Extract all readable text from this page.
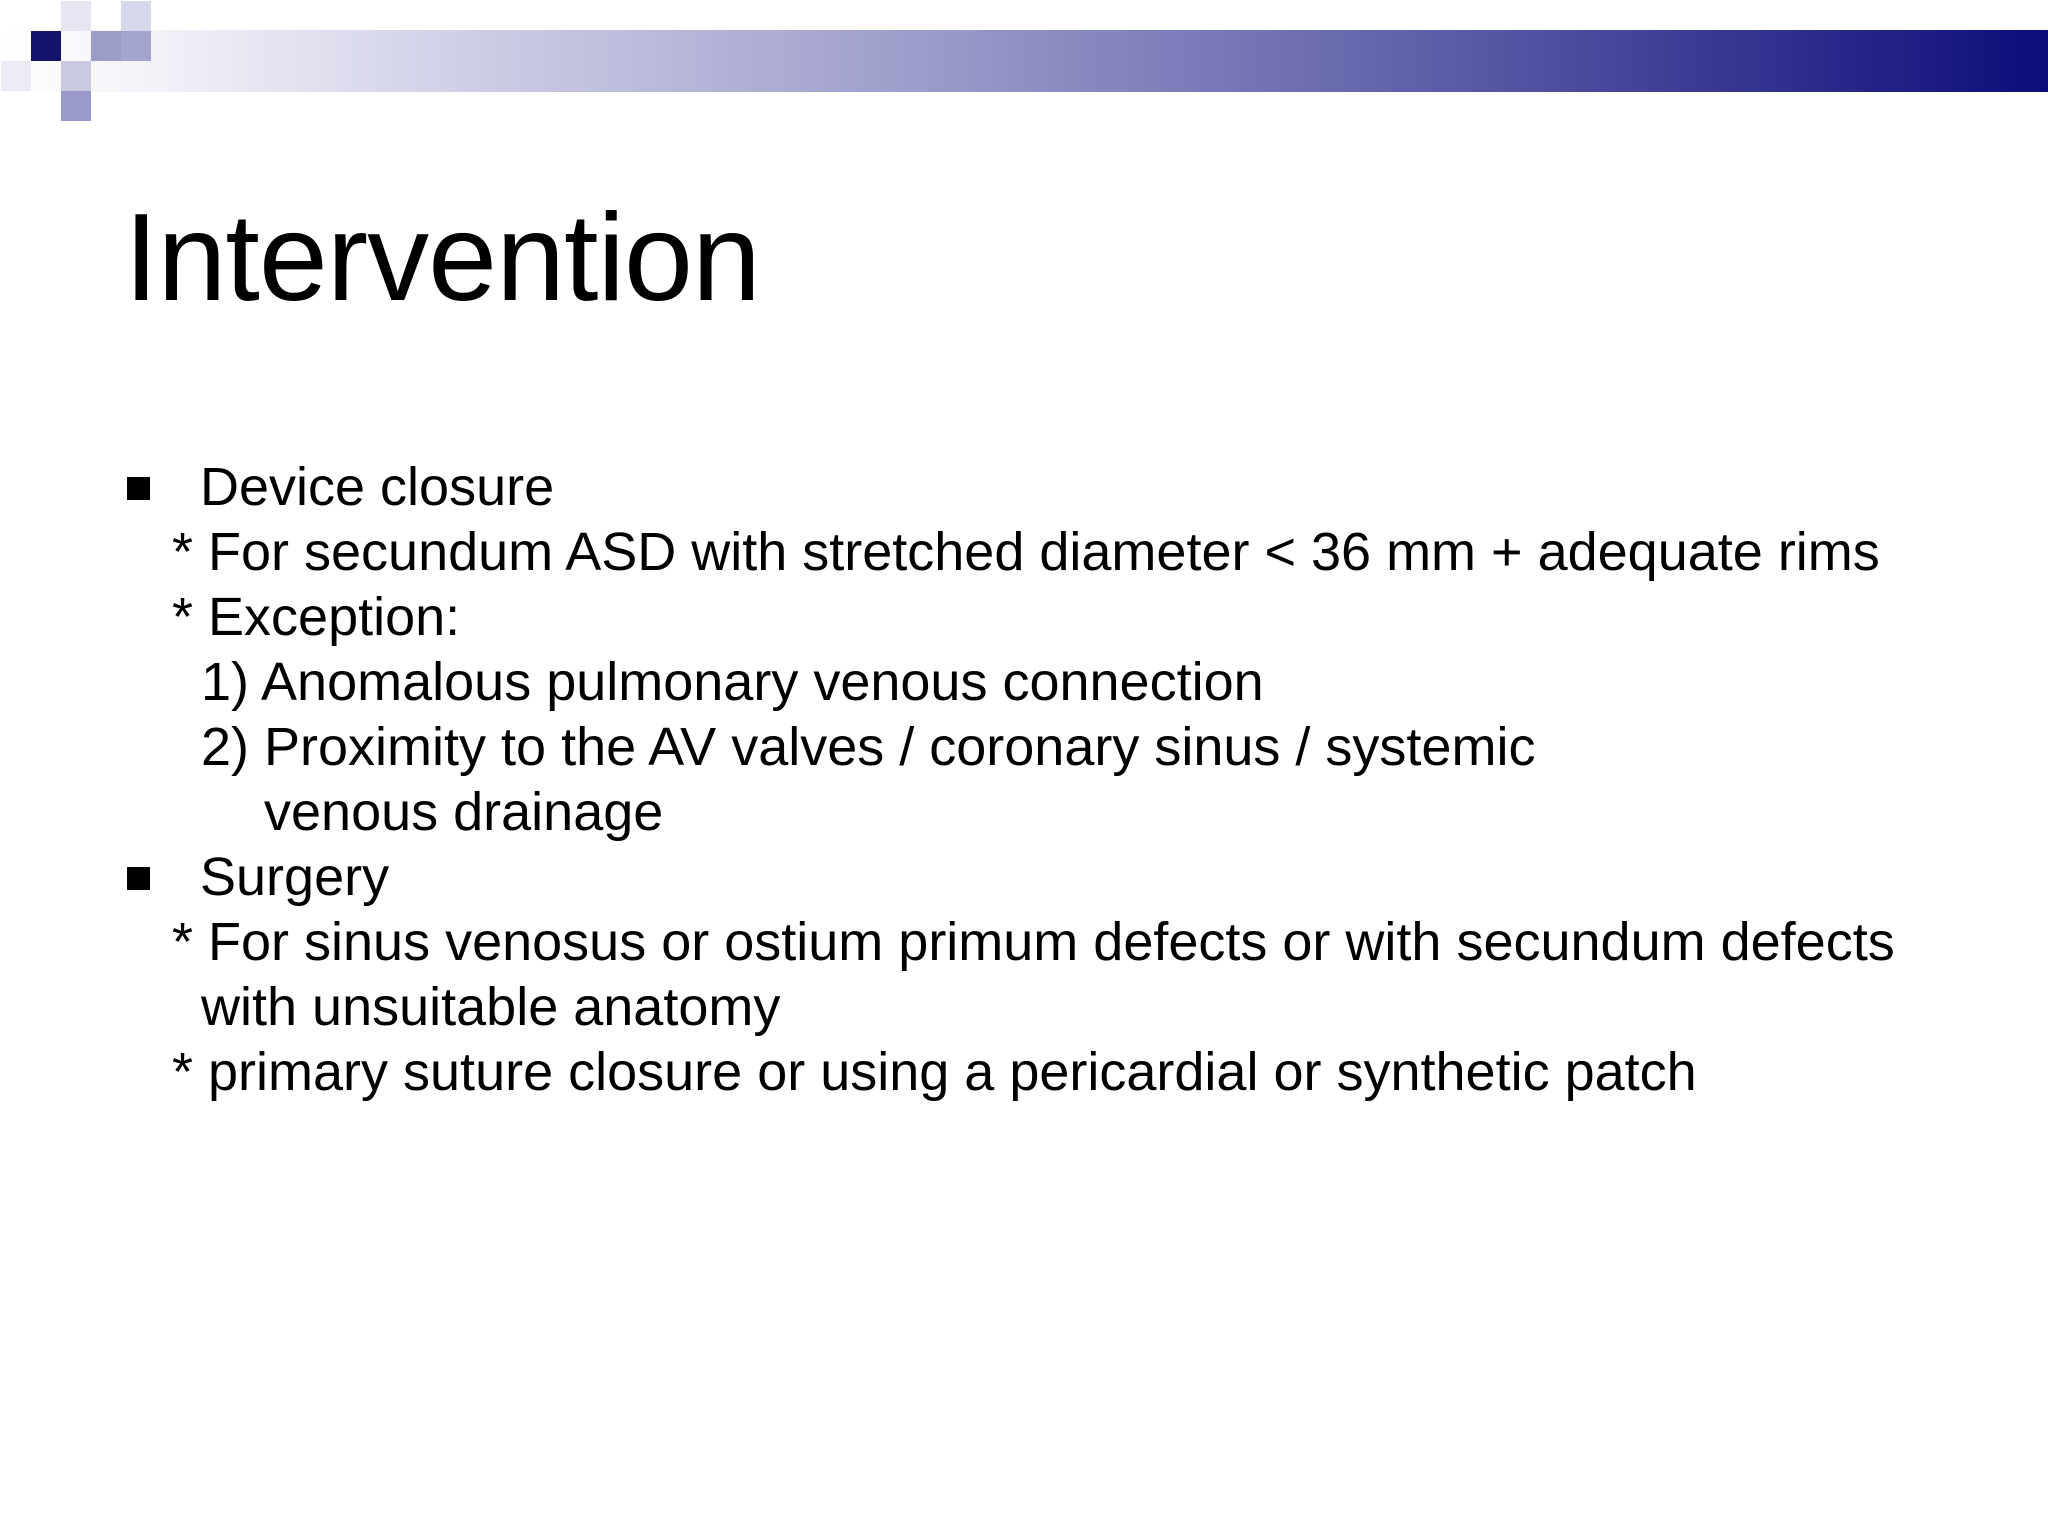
Intervention
Device closure
* For secundum ASD with stretched diameter < 36 mm + adequate rims
* Exception:
1) Anomalous pulmonary venous connection
2) Proximity to the AV valves / coronary sinus / systemic
venous drainage
Surgery
* For sinus venosus or ostium primum defects or with secundum defects
with unsuitable anatomy
* primary suture closure or using a pericardial or synthetic patch
